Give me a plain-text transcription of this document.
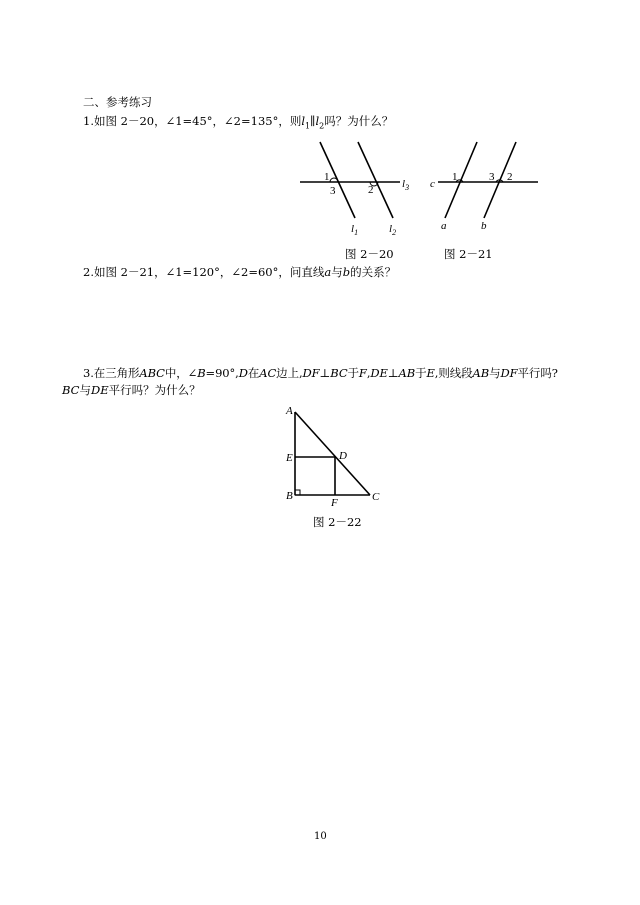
二、参考练习
1.如图 2－20，∠1=45°，∠2=135°，则$l_1\parallel l_2$吗？为什么？
1
2
3
$l_3$
$l_1$	$l_2$
图 2－20
c
1	3 2
a	b
图 2－21
2.如图 2－21，∠1=120°，∠2=60°，问直线a与b的关系？
3.在三角形ABC中，∠B=90°,D在AC边上,DF⊥BC于F,DE⊥AB于E,则线段AB与DF平行吗?
BC与DE平行吗？为什么？
A
E	D
B
F	C
图 2－22
10
